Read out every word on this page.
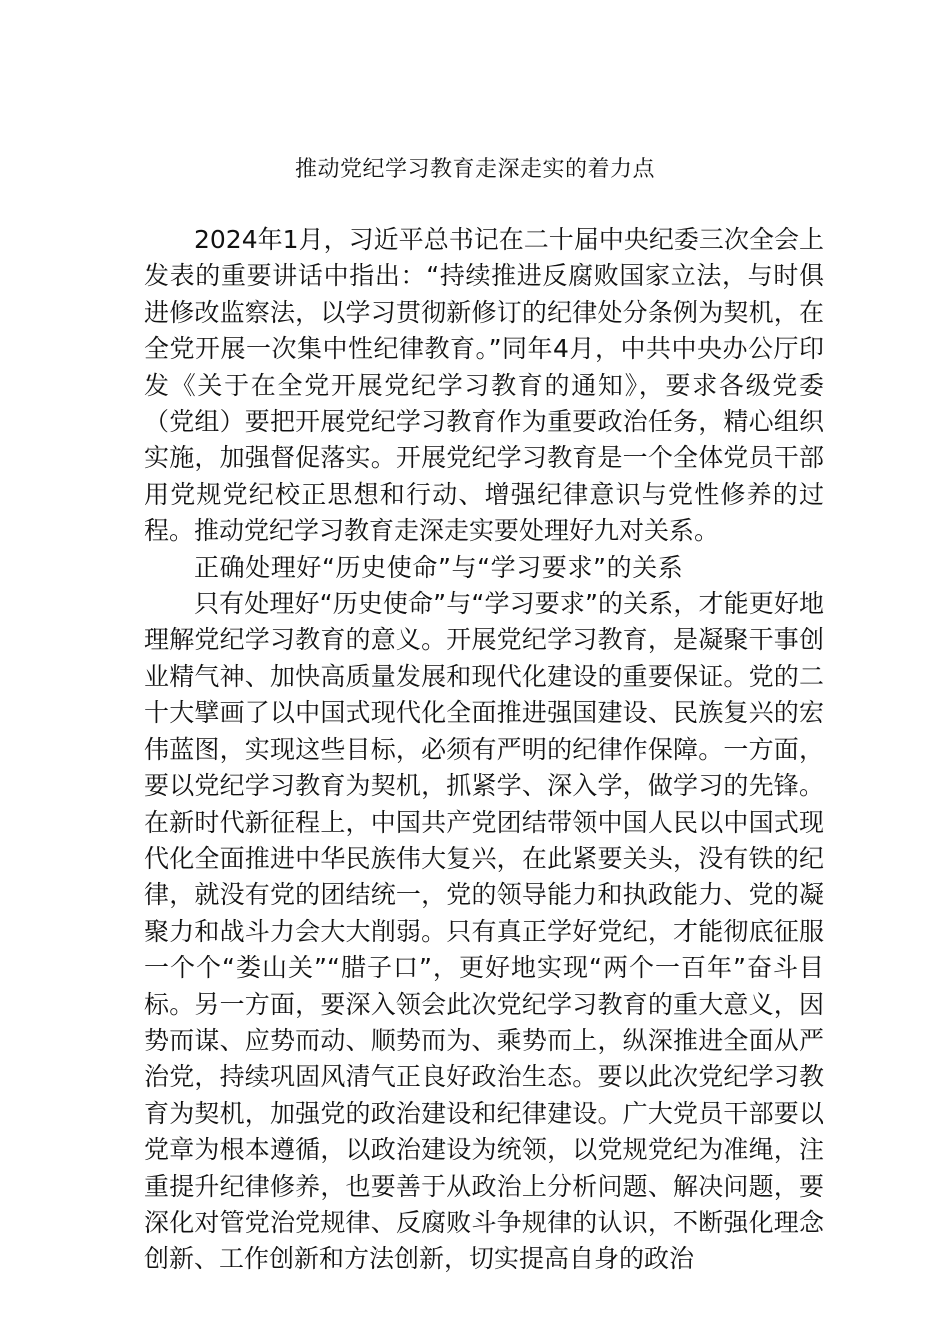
推动党纪学习教育走深走实的着力点

2024年1月，习近平总书记在二十届中央纪委三次全会上发表的重要讲话中指出：“持续推进反腐败国家立法，与时俱进修改监察法，以学习贯彻新修订的纪律处分条例为契机，在全党开展一次集中性纪律教育。”同年4月，中共中央办公厅印发《关于在全党开展党纪学习教育的通知》，要求各级党委（党组）要把开展党纪学习教育作为重要政治任务，精心组织实施，加强督促落实。开展党纪学习教育是一个全体党员干部用党规党纪校正思想和行动、增强纪律意识与党性修养的过程。推动党纪学习教育走深走实要处理好九对关系。

正确处理好“历史使命”与“学习要求”的关系

只有处理好“历史使命”与“学习要求”的关系，才能更好地理解党纪学习教育的意义。开展党纪学习教育，是凝聚干事创业精气神、加快高质量发展和现代化建设的重要保证。党的二十大擘画了以中国式现代化全面推进强国建设、民族复兴的宏伟蓝图，实现这些目标，必须有严明的纪律作保障。一方面，要以党纪学习教育为契机，抓紧学、深入学，做学习的先锋。在新时代新征程上，中国共产党团结带领中国人民以中国式现代化全面推进中华民族伟大复兴，在此紧要关头，没有铁的纪律，就没有党的团结统一，党的领导能力和执政能力、党的凝聚力和战斗力会大大削弱。只有真正学好党纪，才能彻底征服一个个“娄山关”“腊子口”，更好地实现“两个一百年”奋斗目标。另一方面，要深入领会此次党纪学习教育的重大意义，因势而谋、应势而动、顺势而为、乘势而上，纵深推进全面从严治党，持续巩固风清气正良好政治生态。要以此次党纪学习教育为契机，加强党的政治建设和纪律建设。广大党员干部要以党章为根本遵循，以政治建设为统领，以党规党纪为准绳，注重提升纪律修养，也要善于从政治上分析问题、解决问题，要深化对管党治党规律、反腐败斗争规律的认识，不断强化理念创新、工作创新和方法创新，切实提高自身的政治
